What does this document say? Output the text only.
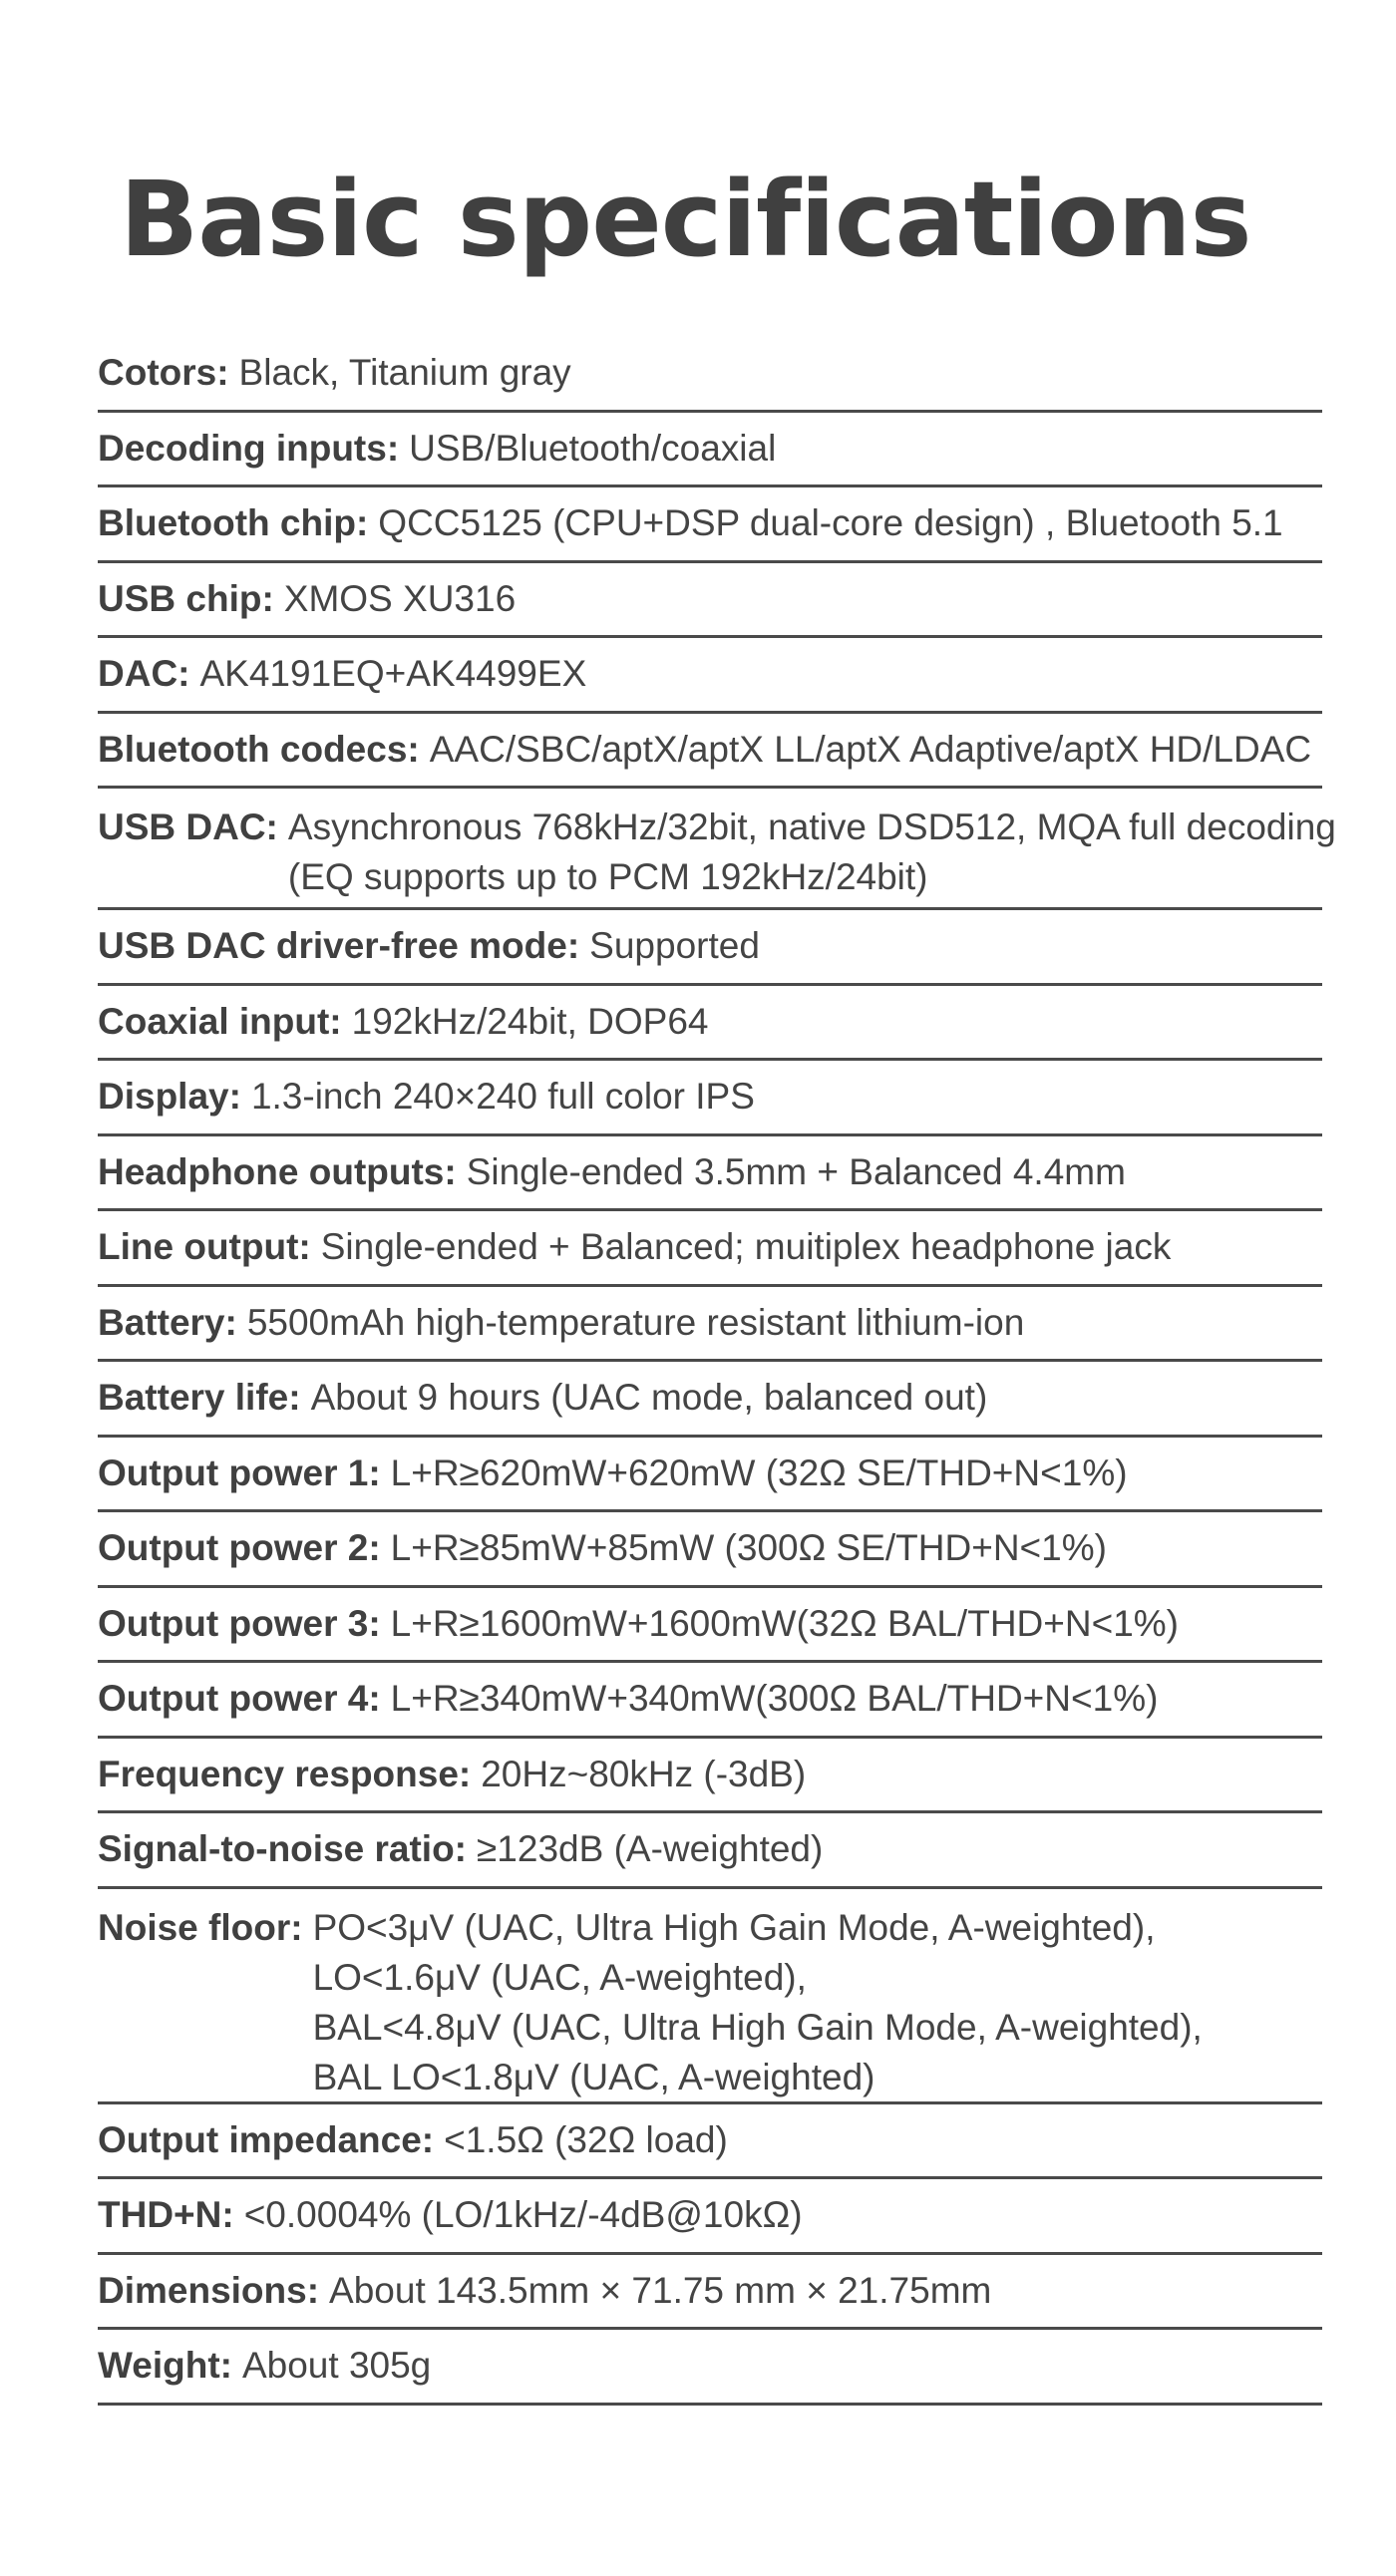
Basic specifications
Cotors: Black, Titanium gray
Decoding inputs: USB/Bluetooth/coaxial
Bluetooth chip: QCC5125 (CPU+DSP dual-core design) , Bluetooth 5.1
USB chip: XMOS XU316
DAC: AK4191EQ+AK4499EX
Bluetooth codecs: AAC/SBC/aptX/aptX LL/aptX Adaptive/aptX HD/LDAC
USB DAC: Asynchronous 768kHz/32bit, native DSD512, MQA full decoding
(EQ supports up to PCM 192kHz/24bit)
USB DAC driver-free mode: Supported
Coaxial input: 192kHz/24bit, DOP64
Display: 1.3-inch 240×240 full color IPS
Headphone outputs: Single-ended 3.5mm + Balanced 4.4mm
Line output: Single-ended + Balanced; muitiplex headphone jack
Battery: 5500mAh high-temperature resistant lithium-ion
Battery life: About 9 hours (UAC mode, balanced out)
Output power 1: L+R≥620mW+620mW (32Ω SE/THD+N<1%)
Output power 2: L+R≥85mW+85mW (300Ω SE/THD+N<1%)
Output power 3: L+R≥1600mW+1600mW(32Ω BAL/THD+N<1%)
Output power 4: L+R≥340mW+340mW(300Ω BAL/THD+N<1%)
Frequency response: 20Hz~80kHz (-3dB)
Signal-to-noise ratio: ≥123dB (A-weighted)
Noise floor: PO<3μV (UAC, Ultra High Gain Mode, A-weighted),
LO<1.6μV (UAC, A-weighted),
BAL<4.8μV (UAC, Ultra High Gain Mode, A-weighted),
BAL LO<1.8μV (UAC, A-weighted)
Output impedance: <1.5Ω (32Ω load)
THD+N: <0.0004% (LO/1kHz/-4dB@10kΩ)
Dimensions: About 143.5mm × 71.75 mm × 21.75mm
Weight: About 305g
